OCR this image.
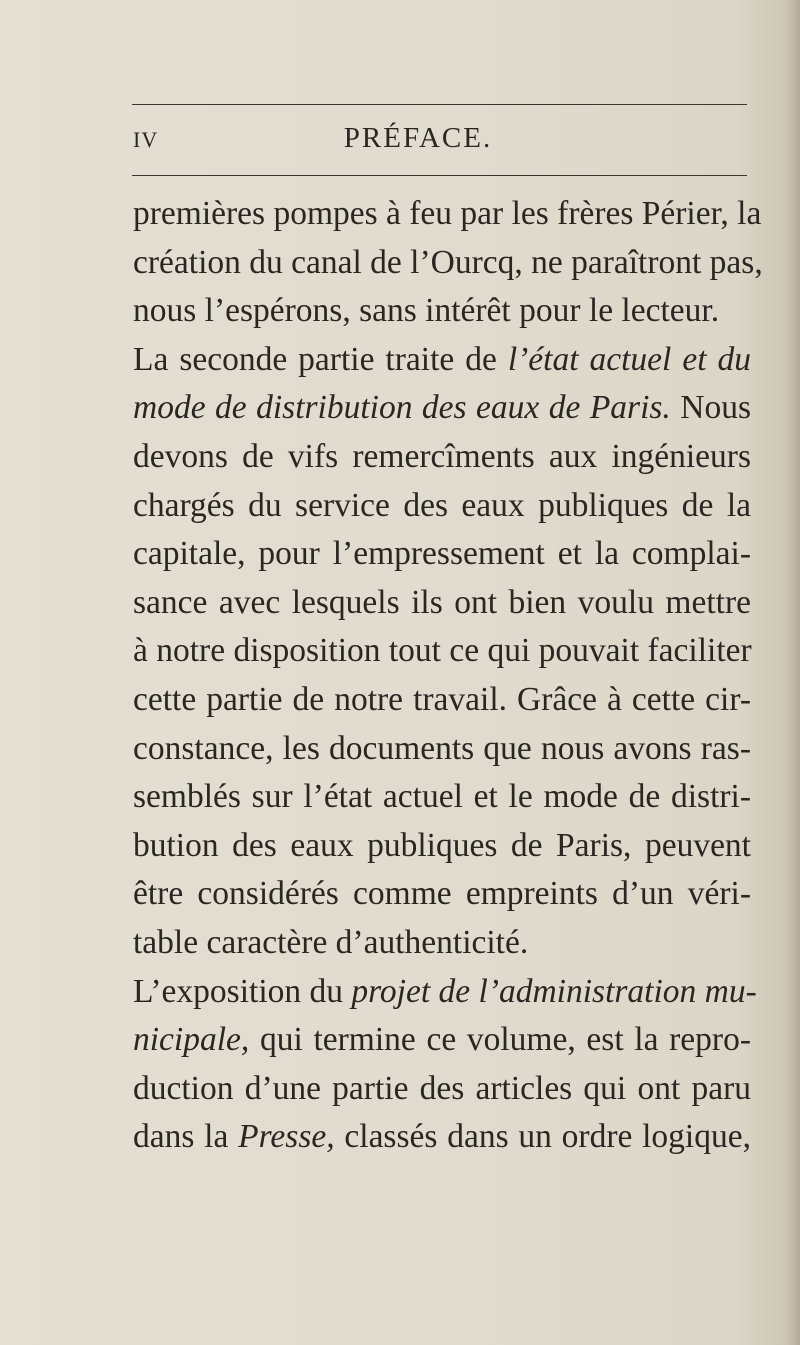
IV	PRÉFACE.
premières pompes à feu par les frères Périer, la
création du canal de l’Ourcq, ne paraîtront pas,
nous l’espérons, sans intérêt pour le lecteur.
La seconde partie traite de l’état actuel et du
mode de distribution des eaux de Paris. Nous
devons de vifs remercîments aux ingénieurs
chargés du service des eaux publiques de la
capitale, pour l’empressement et la complai-
sance avec lesquels ils ont bien voulu mettre
à notre disposition tout ce qui pouvait faciliter
cette partie de notre travail. Grâce à cette cir-
constance, les documents que nous avons ras-
semblés sur l’état actuel et le mode de distri-
bution des eaux publiques de Paris, peuvent
être considérés comme empreints d’un véri-
table caractère d’authenticité.
L’exposition du projet de l’administration mu-
nicipale, qui termine ce volume, est la repro-
duction d’une partie des articles qui ont paru
dans la Presse, classés dans un ordre logique,
